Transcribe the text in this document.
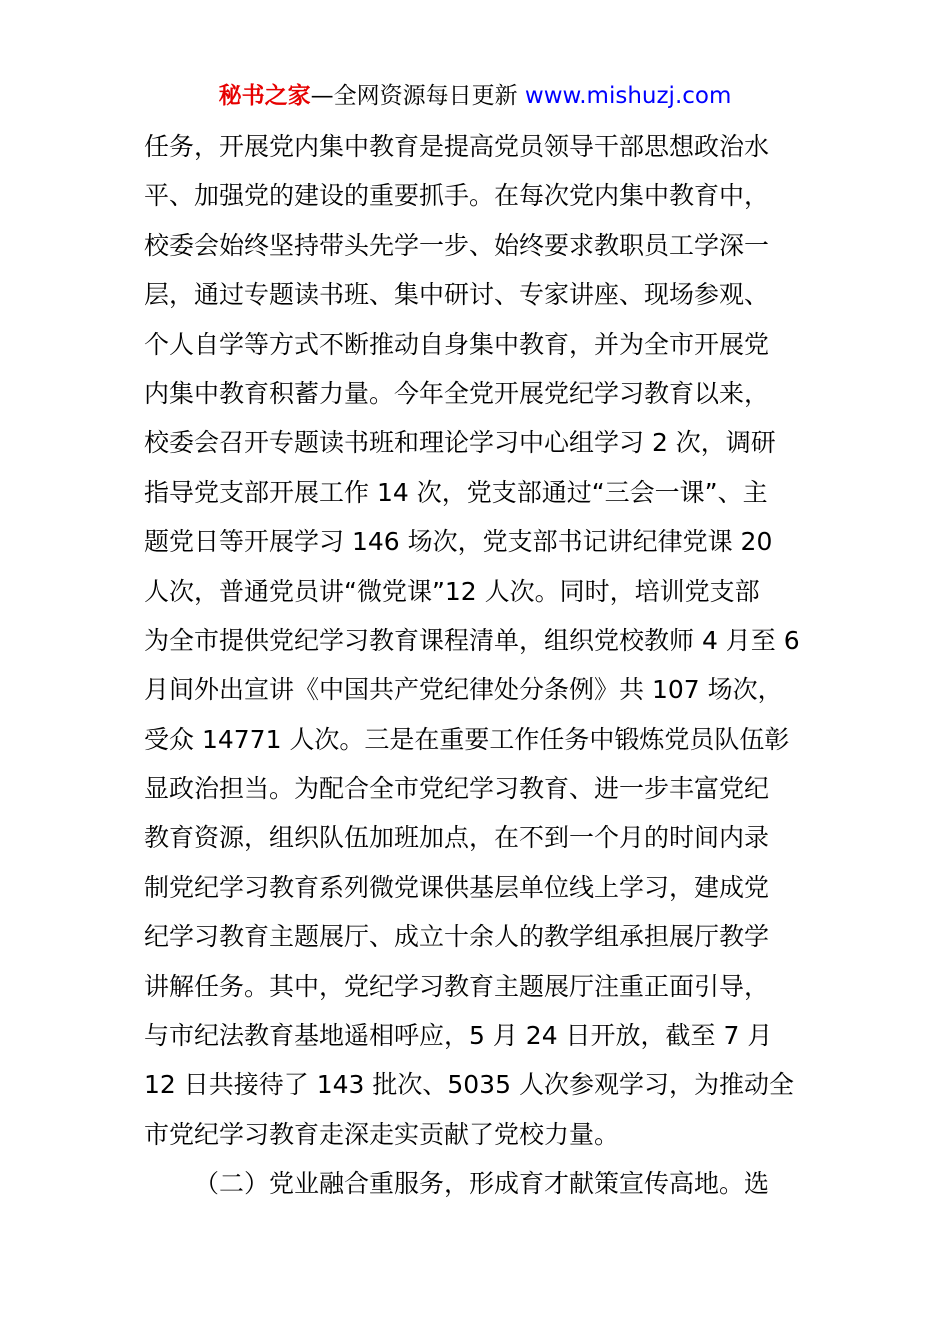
秘书之家—全网资源每日更新 www.mishuzj.com
任务，开展党内集中教育是提高党员领导干部思想政治水
平、加强党的建设的重要抓手。在每次党内集中教育中，
校委会始终坚持带头先学一步、始终要求教职员工学深一
层，通过专题读书班、集中研讨、专家讲座、现场参观、
个人自学等方式不断推动自身集中教育，并为全市开展党
内集中教育积蓄力量。今年全党开展党纪学习教育以来，
校委会召开专题读书班和理论学习中心组学习 2 次，调研
指导党支部开展工作 14 次，党支部通过“三会一课”、主
题党日等开展学习 146 场次，党支部书记讲纪律党课 20
人次，普通党员讲“微党课”12 人次。同时，培训党支部
为全市提供党纪学习教育课程清单，组织党校教师 4 月至 6
月间外出宣讲《中国共产党纪律处分条例》共 107 场次，
受众 14771 人次。三是在重要工作任务中锻炼党员队伍彰
显政治担当。为配合全市党纪学习教育、进一步丰富党纪
教育资源，组织队伍加班加点，在不到一个月的时间内录
制党纪学习教育系列微党课供基层单位线上学习，建成党
纪学习教育主题展厅、成立十余人的教学组承担展厅教学
讲解任务。其中，党纪学习教育主题展厅注重正面引导，
与市纪法教育基地遥相呼应，5 月 24 日开放，截至 7 月
12 日共接待了 143 批次、5035 人次参观学习，为推动全
市党纪学习教育走深走实贡献了党校力量。
（二）党业融合重服务，形成育才献策宣传高地。选
